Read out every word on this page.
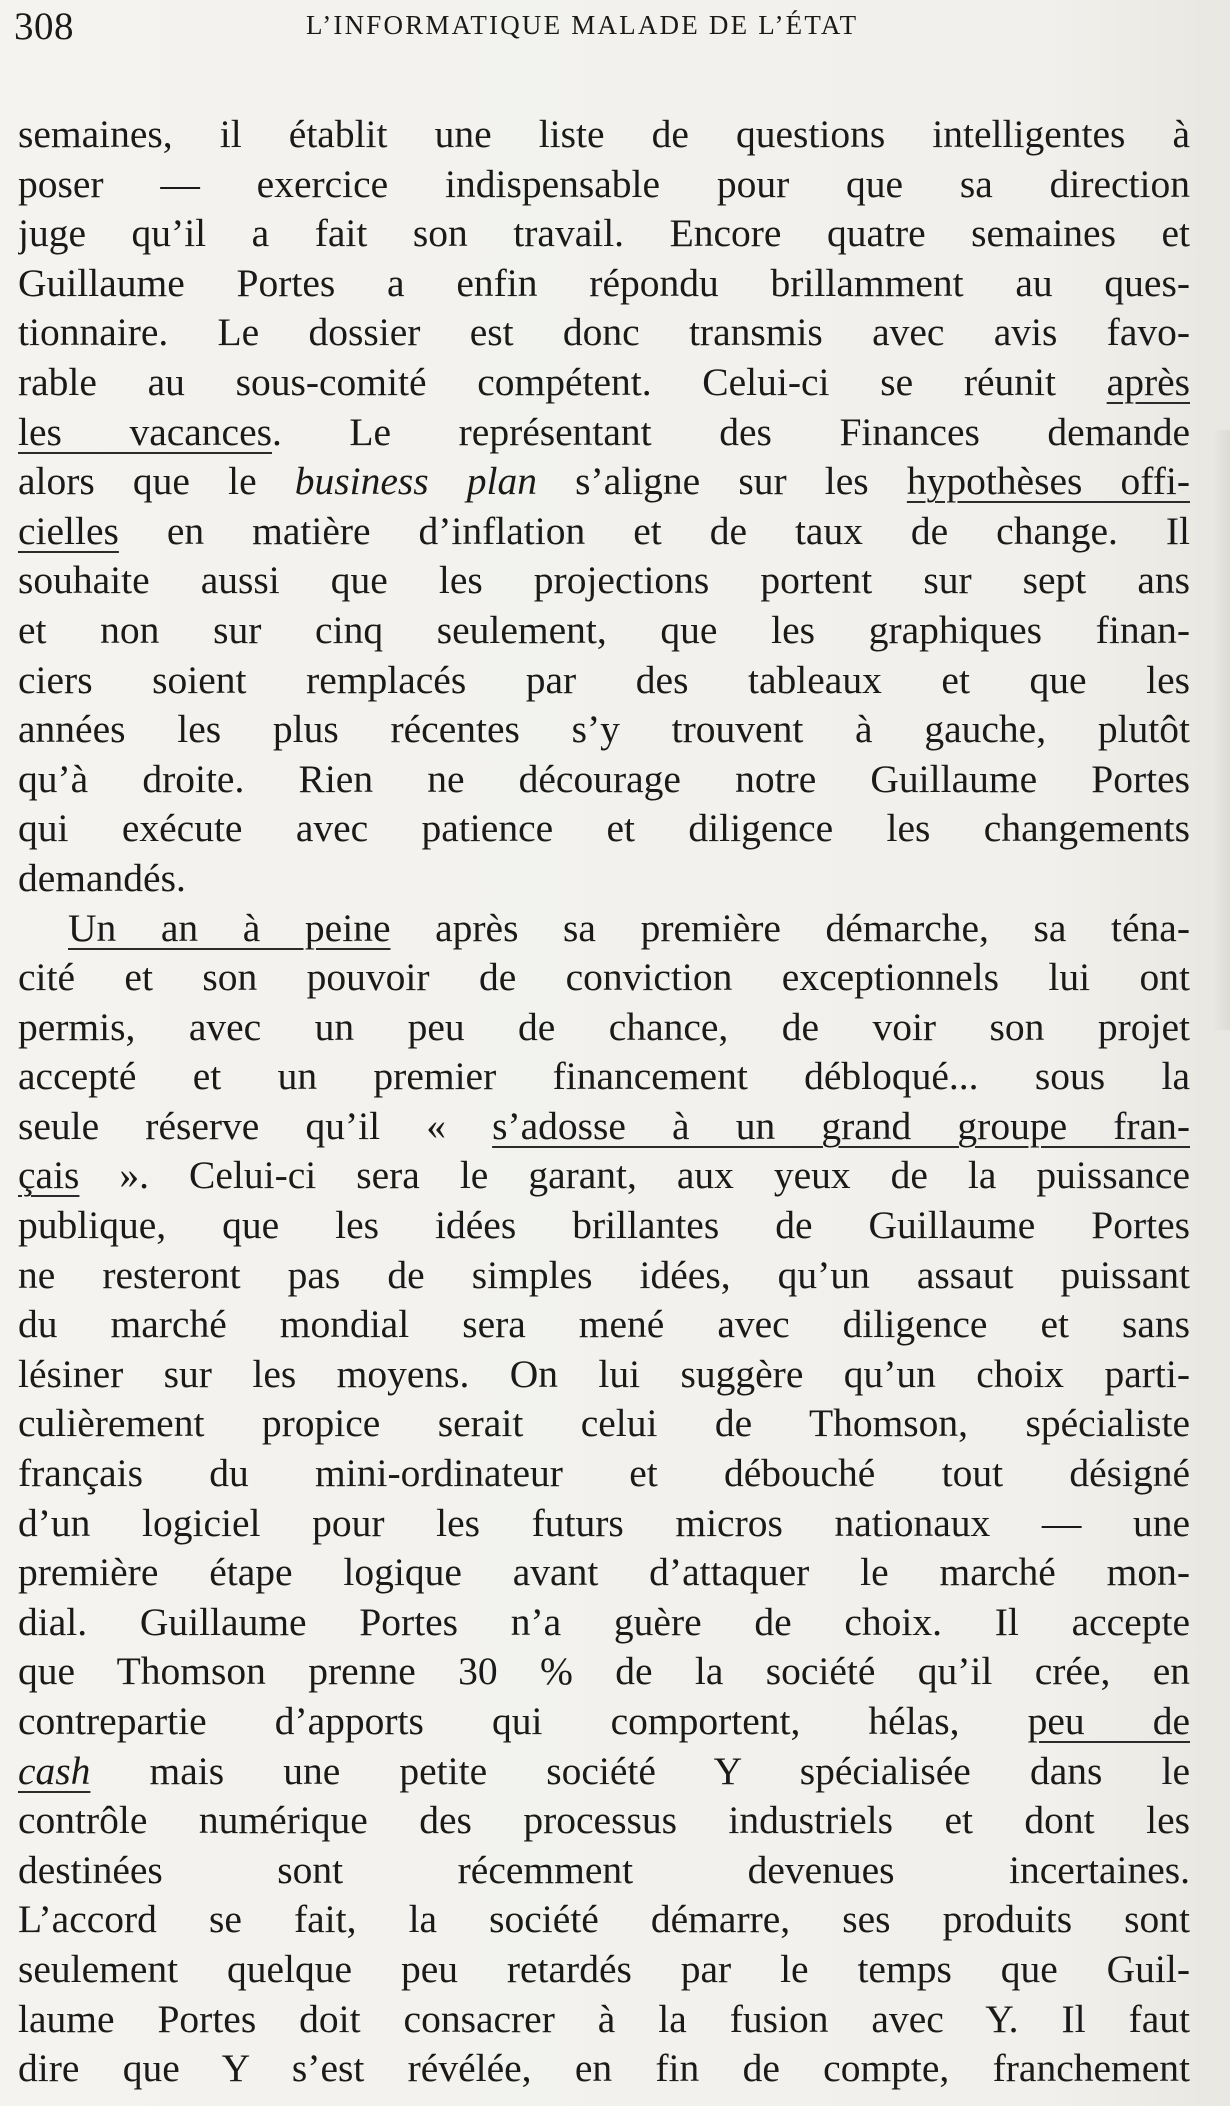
308	L’INFORMATIQUE MALADE DE L’ÉTAT
semaines, il établit une liste de questions intelligentes à
poser — exercice indispensable pour que sa direction
juge qu’il a fait son travail. Encore quatre semaines et
Guillaume Portes a enfin répondu brillamment au ques-
tionnaire. Le dossier est donc transmis avec avis favo-
rable au sous-comité compétent. Celui-ci se réunit après
les vacances. Le représentant des Finances demande
alors que le business plan s’aligne sur les hypothèses offi-
cielles en matière d’inflation et de taux de change. Il
souhaite aussi que les projections portent sur sept ans
et non sur cinq seulement, que les graphiques finan-
ciers soient remplacés par des tableaux et que les
années les plus récentes s’y trouvent à gauche, plutôt
qu’à droite. Rien ne décourage notre Guillaume Portes
qui exécute avec patience et diligence les changements
demandés.
Un an à peine après sa première démarche, sa téna-
cité et son pouvoir de conviction exceptionnels lui ont
permis, avec un peu de chance, de voir son projet
accepté et un premier financement débloqué... sous la
seule réserve qu’il « s’adosse à un grand groupe fran-
çais ». Celui-ci sera le garant, aux yeux de la puissance
publique, que les idées brillantes de Guillaume Portes
ne resteront pas de simples idées, qu’un assaut puissant
du marché mondial sera mené avec diligence et sans
lésiner sur les moyens. On lui suggère qu’un choix parti-
culièrement propice serait celui de Thomson, spécialiste
français du mini-ordinateur et débouché tout désigné
d’un logiciel pour les futurs micros nationaux — une
première étape logique avant d’attaquer le marché mon-
dial. Guillaume Portes n’a guère de choix. Il accepte
que Thomson prenne 30 % de la société qu’il crée, en
contrepartie d’apports qui comportent, hélas, peu de
cash mais une petite société Y spécialisée dans le
contrôle numérique des processus industriels et dont les
destinées sont récemment devenues incertaines.
L’accord se fait, la société démarre, ses produits sont
seulement quelque peu retardés par le temps que Guil-
laume Portes doit consacrer à la fusion avec Y. Il faut
dire que Y s’est révélée, en fin de compte, franchement
